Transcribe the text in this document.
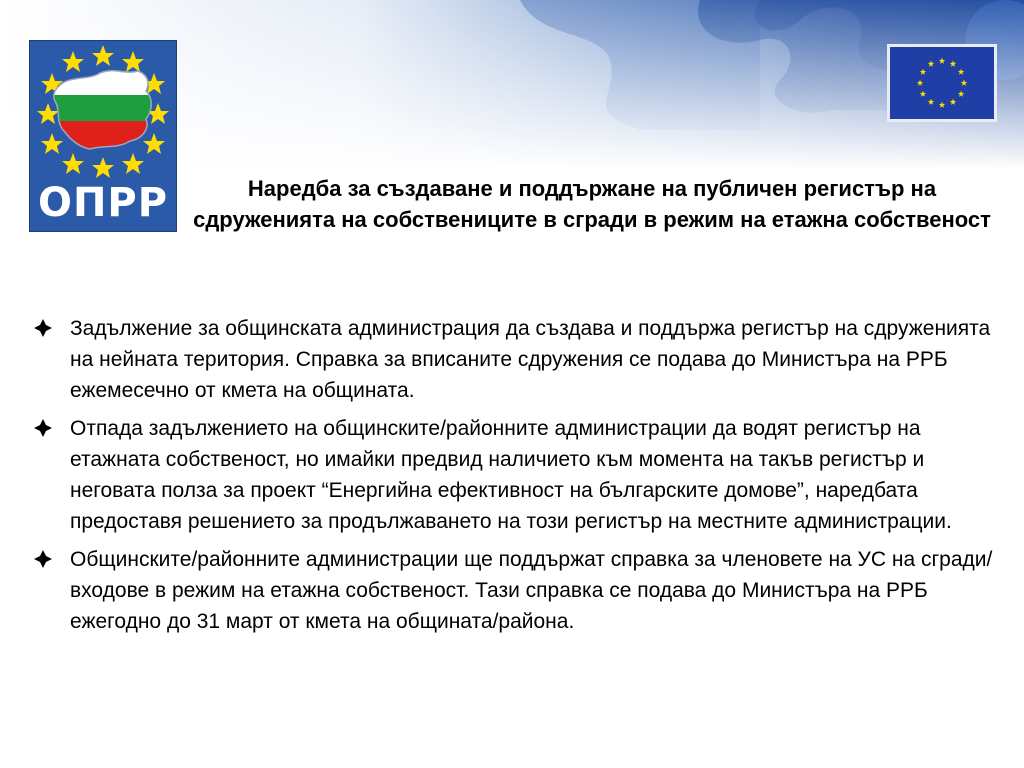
ОПРР	Наредба за създаване и поддържане на публичен регистър на сдруженията на собствениците в сгради в режим на етажна собственост
Задължение за общинската администрация да създава и поддържа регистър на сдруженията на нейната територия. Справка за вписаните сдружения се подава до Министъра на РРБ ежемесечно от кмета на общината.
Отпада задължението на общинските/районните администрации да водят регистър на етажната собственост, но имайки предвид наличието към момента на такъв регистър и неговата полза за проект “Енергийна ефективност на българските домове”, наредбата предоставя решението за продължаването на този регистър на местните администрации.
Общинските/районните администрации ще поддържат справка за членовете на УС на сгради/входове в режим на етажна собственост. Тази справка се подава до Министъра на РРБ ежегодно до 31 март от кмета на общината/района.
